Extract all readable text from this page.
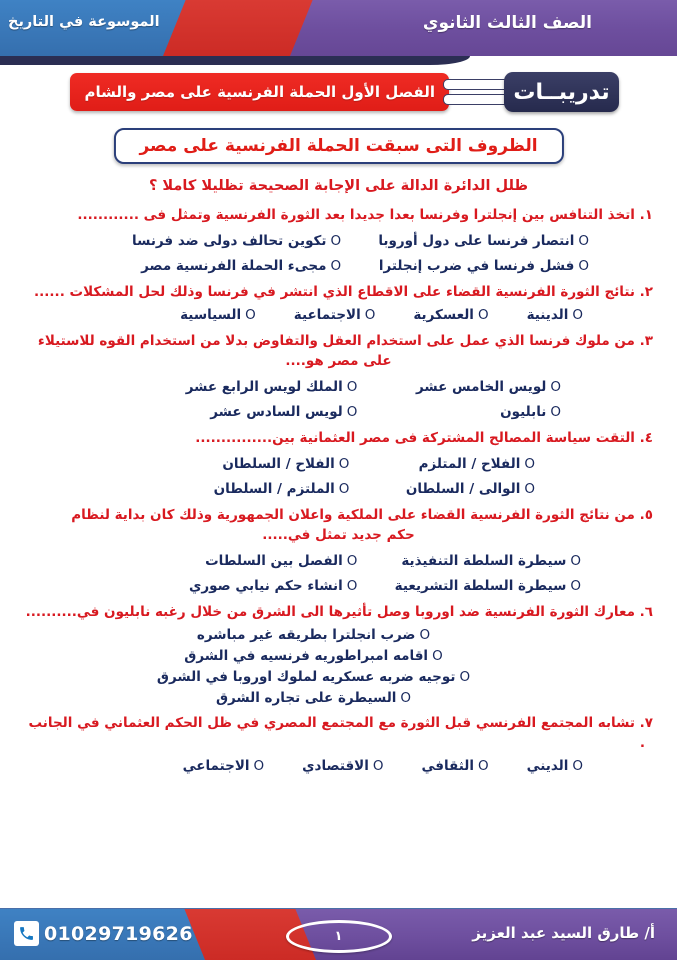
الصف الثالث الثانوي
الموسوعة في التاريخ
الفصل الأول الحملة الفرنسية على مصر والشام	تدريبــات
الظروف التى سبقت الحملة الفرنسية على مصر
ظلل الدائرة الدالة على الإجابة الصحيحة تظليلا كاملا ؟
١. اتخذ التنافس بين إنجلترا وفرنسا بعدا جديدا بعد الثورة الفرنسية وتمثل فى ............
Oانتصار فرنسا على دول أوروبا
Oتكوين تحالف دولى ضد فرنسا
Oفشل فرنسا في ضرب إنجلترا
Oمجىء الحملة الفرنسية مصر
٢. نتائج الثورة الفرنسية القضاء على الاقطاع الذي انتشر في فرنسا وذلك لحل المشكلات ......
Oالدينية
Oالعسكرية
Oالاجتماعية
Oالسياسية
٣. من ملوك فرنسا الذي عمل على استخدام العقل والتفاوض بدلا من استخدام القوه للاستيلاء
على مصر هو....
Oلويس الخامس عشر
Oالملك لويس الرابع عشر
Oنابليون
Oلويس السادس عشر
٤. التقت سياسة المصالح المشتركة فى مصر العثمانية بين...............
Oالفلاح / المتلزم
Oالفلاح / السلطان
Oالوالى / السلطان
Oالملتزم / السلطان
٥. من نتائج الثورة الفرنسية القضاء على الملكية واعلان الجمهورية وذلك كان بداية لنظام
حكم جديد تمثل في.....
Oسيطرة السلطة التنفيذية
Oالفصل بين السلطات
Oسيطرة السلطة التشريعية
Oانشاء حكم نيابي صوري
٦. معارك الثورة الفرنسية ضد اوروبا وصل تأثيرها الى الشرق من خلال رغبه نابليون في..........
Oضرب انجلترا بطريقه غير مباشره
Oاقامه امبراطوريه فرنسيه في الشرق
Oتوجيه ضربه عسكريه لملوك اوروبا في الشرق
Oالسيطرة على تجاره الشرق
٧. تشابه المجتمع الفرنسي قبل الثورة مع المجتمع المصري في ظل الحكم العثماني في الجانب .
Oالديني
Oالثقافي
Oالاقتصادي
Oالاجتماعي
أ/ طارق السيد عبد العزيز
١
01029719626
